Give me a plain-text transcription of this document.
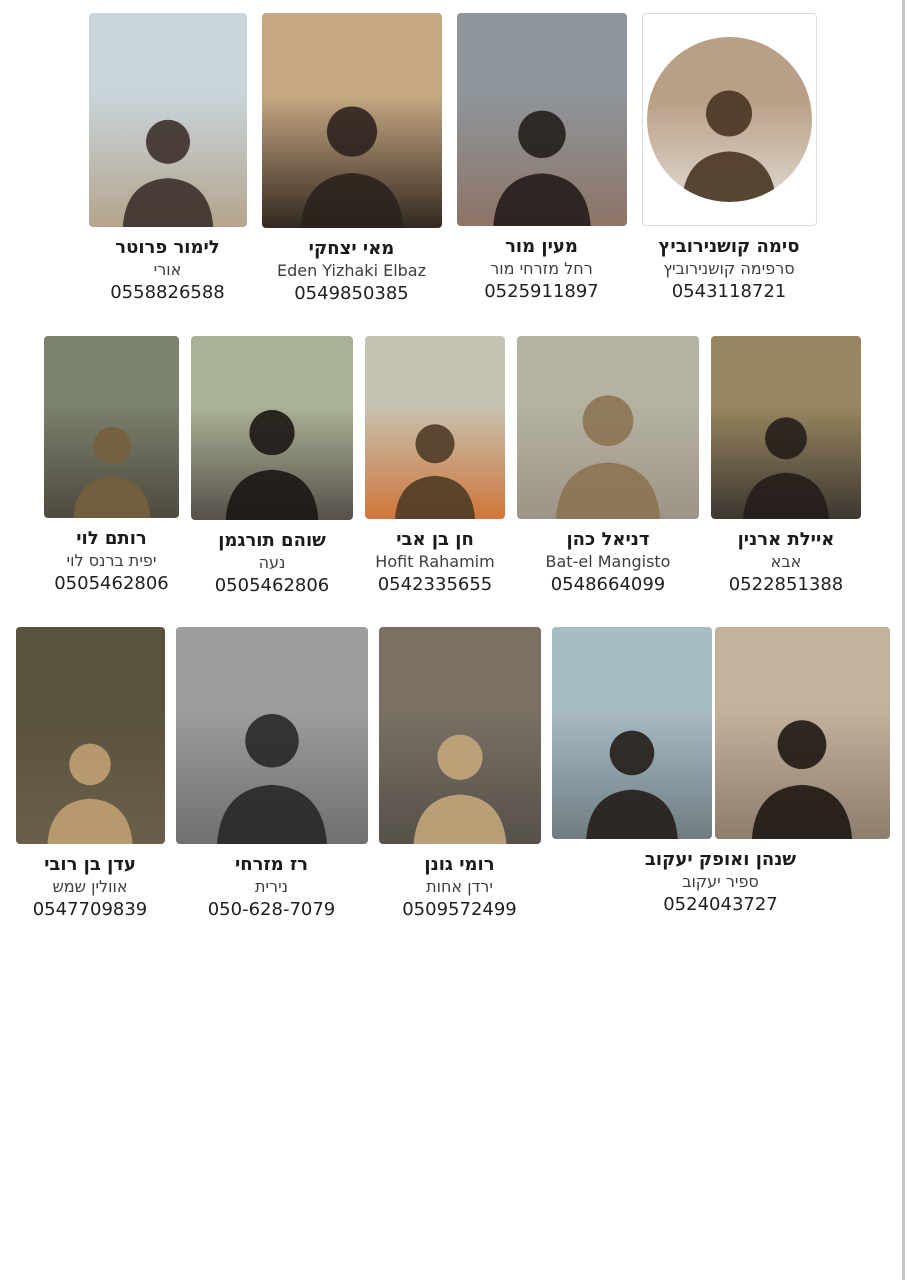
לימור פרוטר
אורי
0558826588
מאי יצחקי
Eden Yizhaki Elbaz
0549850385
מעין מור
רחל מזרחי מור
0525911897
סימה קושנירוביץ
סרפימה קושנירוביץ
0543118721
רותם לוי
יפית ברנס לוי
0505462806
שוהם תורגמן
נעה
0505462806
חן בן אבי
Hofit Rahamim
0542335655
דניאל כהן
Bat-el Mangisto
0548664099
איילת ארנין
אבא
0522851388
עדן בן רובי
אוולין שמש
0547709839
רז מזרחי
נירית
050-628-7079
רומי גונן
ירדן אחות
0509572499
שנהן ואופק יעקוב
ספיר יעקוב
0524043727
